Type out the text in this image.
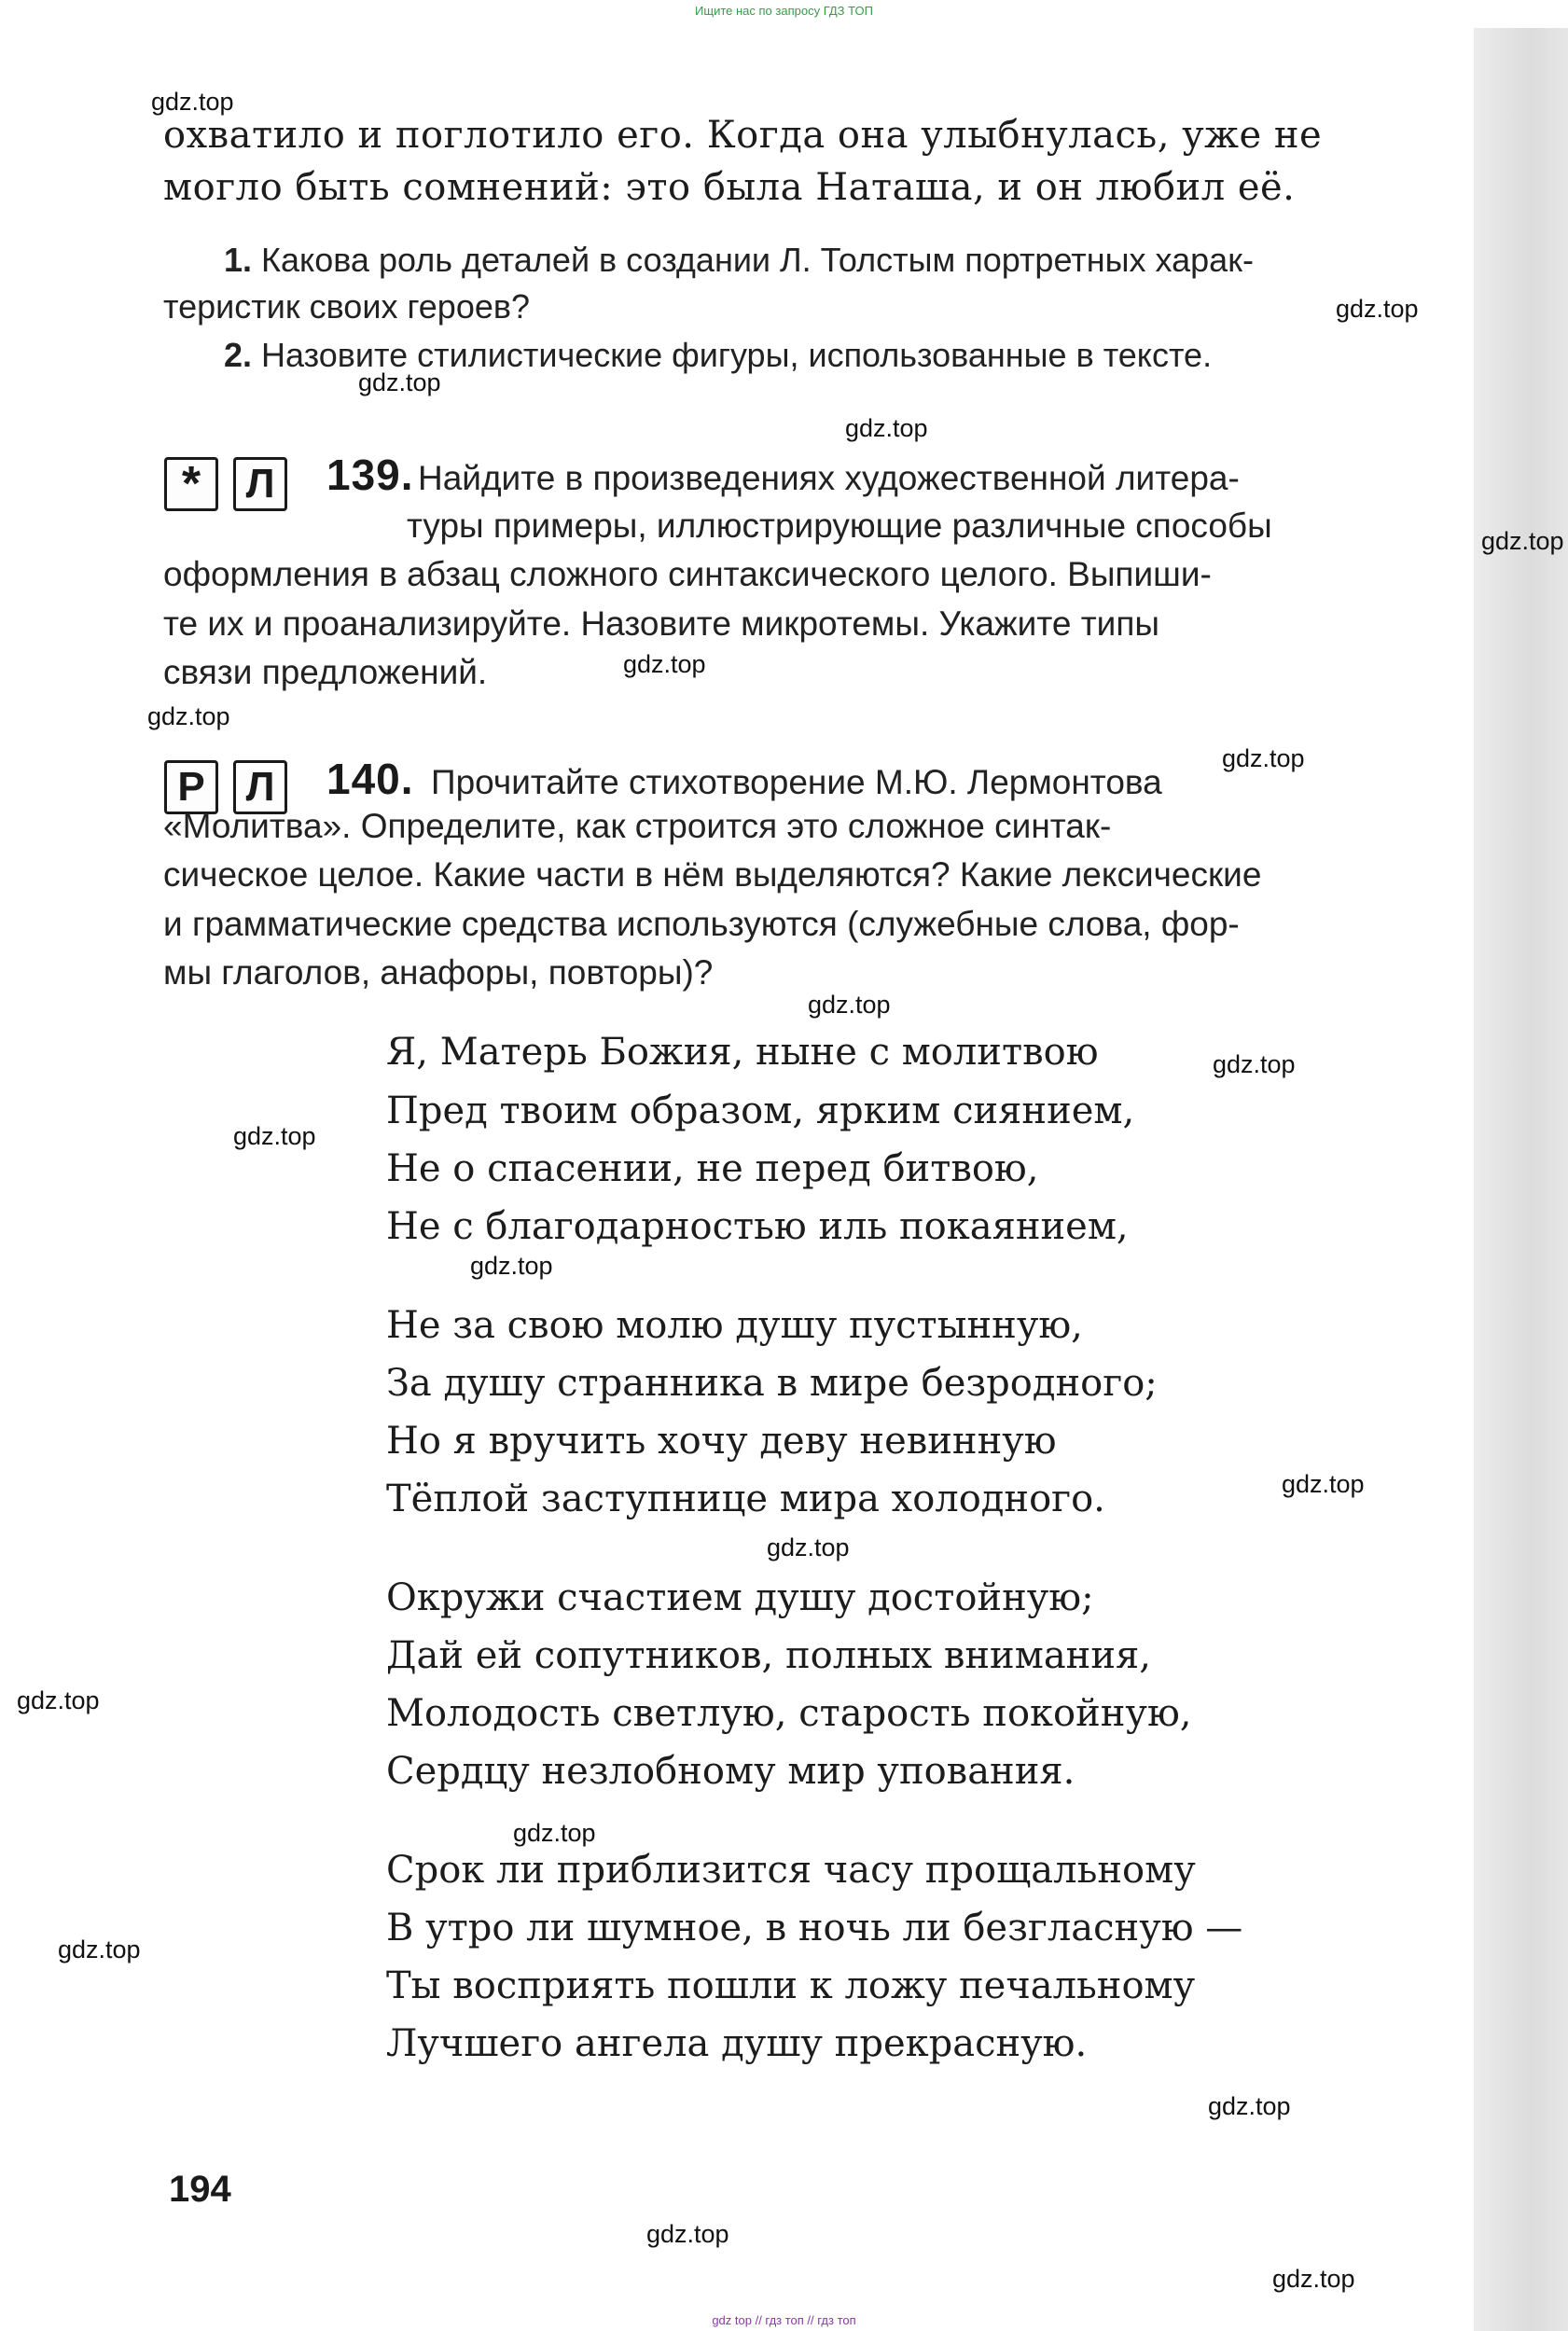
Ищите нас по запросу ГДЗ ТОП
охватило и поглотило его. Когда она улыбнулась, уже не
могло быть сомнений: это была Наташа, и он любил её.
1. Какова роль деталей в создании Л. Толстым портретных харак-
теристик своих героев?
2. Назовите стилистические фигуры, использованные в тексте.
*	Л 139. Найдите в произведениях художественной литера-
туры примеры, иллюстрирующие различные способы
оформления в абзац сложного синтаксического целого. Выпиши-
те их и проанализируйте. Назовите микротемы. Укажите типы
связи предложений.
Р Л 140. Прочитайте стихотворение М.Ю. Лермонтова
«Молитва». Определите, как строится это сложное синтак-
сическое целое. Какие части в нём выделяются? Какие лексические
и грамматические средства используются (служебные слова, фор-
мы глаголов, анафоры, повторы)?
Я, Матерь Божия, ныне с молитвою
Пред твоим образом, ярким сиянием,
Не о спасении, не перед битвою,
Не с благодарностью иль покаянием,
Не за свою молю душу пустынную,
За душу странника в мире безродного;
Но я вручить хочу деву невинную
Тёплой заступнице мира холодного.
Окружи счастием душу достойную;
Дай ей сопутников, полных внимания,
Молодость светлую, старость покойную,
Сердцу незлобному мир упования.
Срок ли приблизится часу прощальному
В утро ли шумное, в ночь ли безгласную —
Ты восприять пошли к ложу печальному
Лучшего ангела душу прекрасную.
194
gdz.top
gdz.top
gdz.top
gdz.top
gdz.top
gdz.top
gdz.top
gdz.top
gdz.top
gdz.top
gdz.top
gdz.top
gdz.top
gdz.top
gdz.top
gdz.top
gdz.top
gdz.top
gdz.top
gdz.top
gdz top // гдз топ // гдз топ
